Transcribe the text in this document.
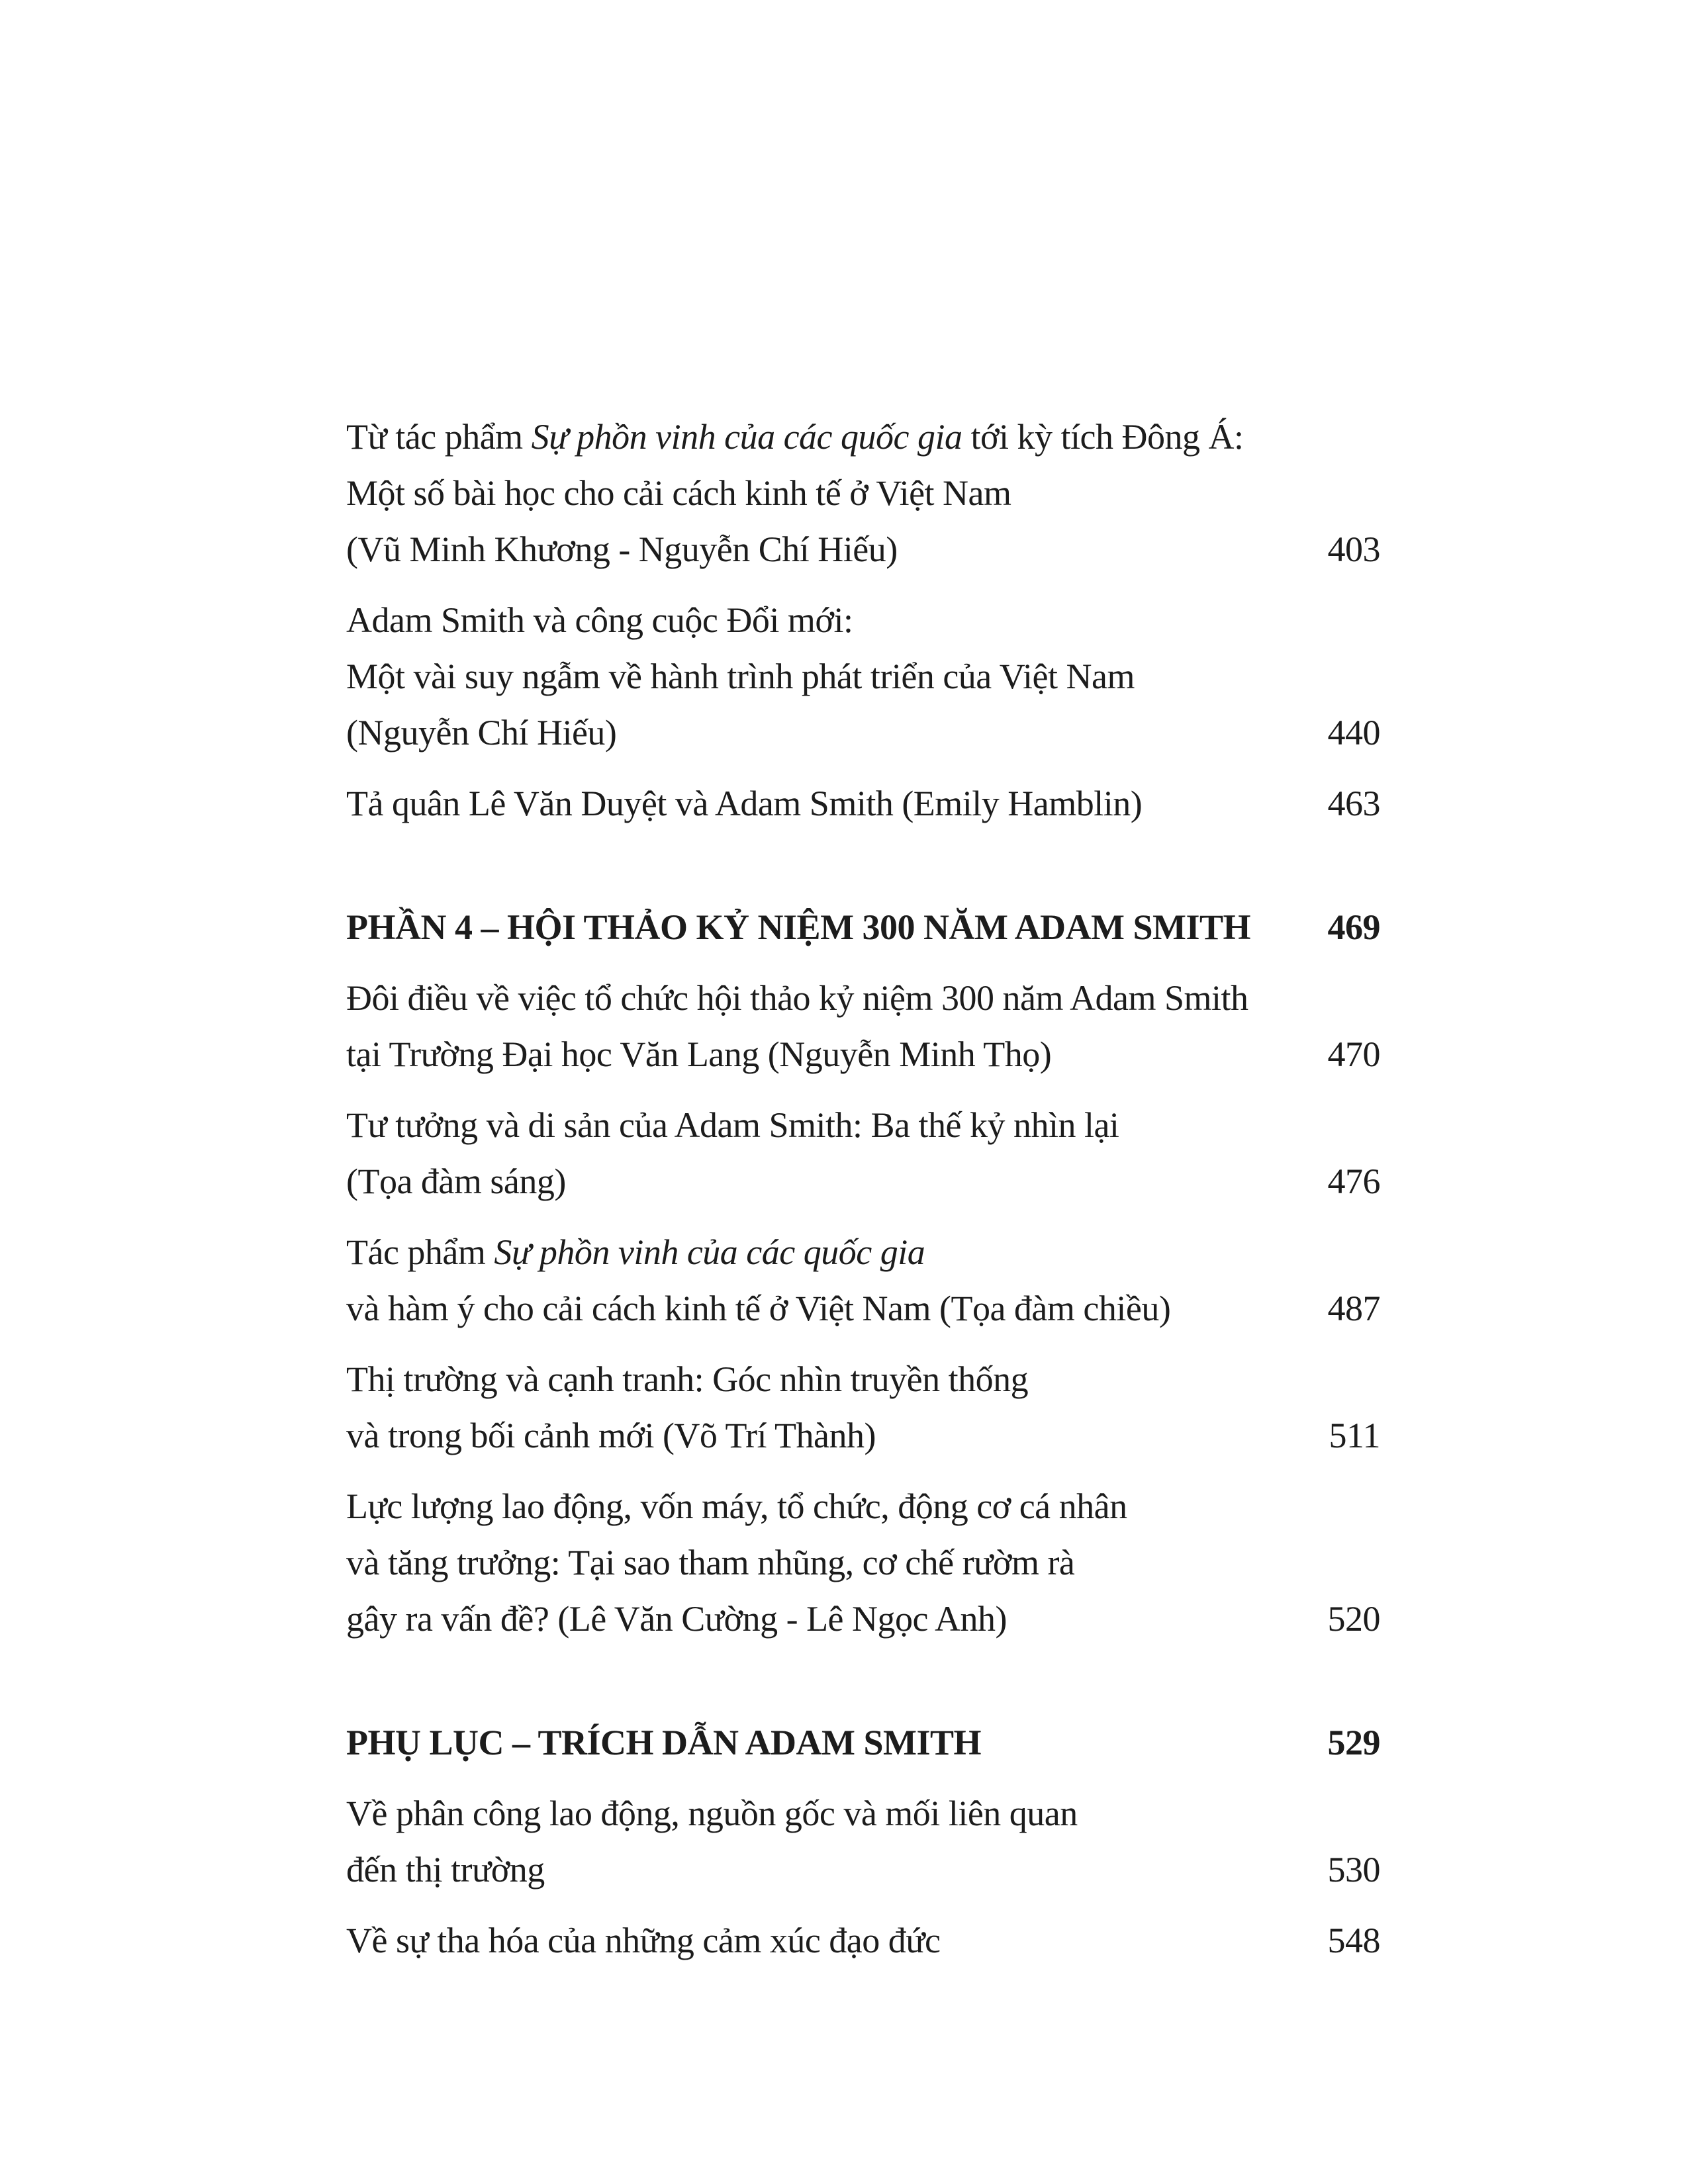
Từ tác phẩm Sự phồn vinh của các quốc gia tới kỳ tích Đông Á:
Một số bài học cho cải cách kinh tế ở Việt Nam
(Vũ Minh Khương - Nguyễn Chí Hiếu)	403
Adam Smith và công cuộc Đổi mới:
Một vài suy ngẫm về hành trình phát triển của Việt Nam
(Nguyễn Chí Hiếu)	440
Tả quân Lê Văn Duyệt và Adam Smith (Emily Hamblin)	463
PHẦN 4 – HỘI THẢO KỶ NIỆM 300 NĂM ADAM SMITH 469
Đôi điều về việc tổ chức hội thảo kỷ niệm 300 năm Adam Smith
tại Trường Đại học Văn Lang (Nguyễn Minh Thọ)	470
Tư tưởng và di sản của Adam Smith: Ba thế kỷ nhìn lại
(Tọa đàm sáng)	476
Tác phẩm Sự phồn vinh của các quốc gia
và hàm ý cho cải cách kinh tế ở Việt Nam (Tọa đàm chiều)	487
Thị trường và cạnh tranh: Góc nhìn truyền thống
và trong bối cảnh mới (Võ Trí Thành)	511
Lực lượng lao động, vốn máy, tổ chức, động cơ cá nhân
và tăng trưởng: Tại sao tham nhũng, cơ chế rườm rà
gây ra vấn đề? (Lê Văn Cường - Lê Ngọc Anh)	520
PHỤ LỤC – TRÍCH DẪN ADAM SMITH	529
Về phân công lao động, nguồn gốc và mối liên quan
đến thị trường	530
Về sự tha hóa của những cảm xúc đạo đức	548
